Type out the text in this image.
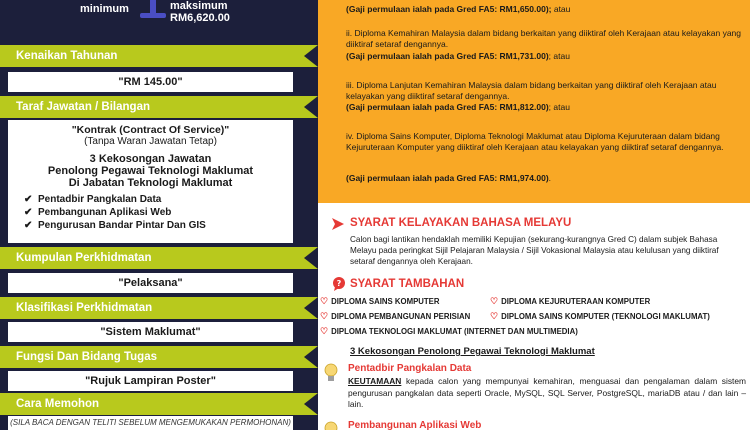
minimum	maksimum
RM6,620.00
Kenaikan Tahunan
"RM 145.00"
Taraf Jawatan / Bilangan
"Kontrak (Contract Of Service)"
(Tanpa Waran Jawatan Tetap)
3 Kekosongan Jawatan
Penolong Pegawai Teknologi Maklumat
Di Jabatan Teknologi Maklumat
✔ Pentadbir Pangkalan Data
✔ Pembangunan Aplikasi Web
✔ Pengurusan Bandar Pintar Dan GIS
Kumpulan Perkhidmatan
"Pelaksana"
Klasifikasi Perkhidmatan
"Sistem Maklumat"
Fungsi Dan Bidang Tugas
"Rujuk Lampiran Poster"
Cara Memohon
(SILA BACA DENGAN TELITI SEBELUM MENGEMUKAKAN PERMOHONAN)
(Gaji permulaan ialah pada Gred FA5: RM1,650.00); atau
ii. Diploma Kemahiran Malaysia dalam bidang berkaitan yang diiktiraf oleh Kerajaan atau kelayakan yang diiktiraf setaraf dengannya.
(Gaji permulaan ialah pada Gred FA5: RM1,731.00); atau
iii. Diploma Lanjutan Kemahiran Malaysia dalam bidang berkaitan yang diiktiraf oleh Kerajaan atau kelayakan yang diiktiraf setaraf dengannya.
(Gaji permulaan ialah pada Gred FA5: RM1,812.00); atau
iv. Diploma Sains Komputer, Diploma Teknologi Maklumat atau Diploma Kejuruteraan dalam bidang Kejuruteraan Komputer yang diiktiraf oleh Kerajaan atau kelayakan yang diiktiraf setaraf dengannya.
(Gaji permulaan ialah pada Gred FA5: RM1,974.00).
SYARAT KELAYAKAN BAHASA MELAYU
Calon bagi lantikan hendaklah memiliki Kepujian (sekurang-kurangnya Gred C) dalam subjek Bahasa Melayu pada peringkat Sijil Pelajaran Malaysia / Sijil Vokasional Malaysia atau kelulusan yang diiktiraf setaraf dengannya oleh Kerajaan.
? SYARAT TAMBAHAN
♡ DIPLOMA SAINS KOMPUTER	♡ DIPLOMA KEJURUTERAAN KOMPUTER
♡ DIPLOMA PEMBANGUNAN PERISIAN ♡ DIPLOMA SAINS KOMPUTER (TEKNOLOGI MAKLUMAT)
♡ DIPLOMA TEKNOLOGI MAKLUMAT (INTERNET DAN MULTIMEDIA)
3 Kekosongan Penolong Pegawai Teknologi Maklumat
Pentadbir Pangkalan Data
KEUTAMAAN kepada calon yang mempunyai kemahiran, menguasai dan pengalaman dalam sistem pengurusan pangkalan data seperti Oracle, MySQL, SQL Server, PostgreSQL, mariaDB atau / dan lain – lain.
Pembangunan Aplikasi Web
